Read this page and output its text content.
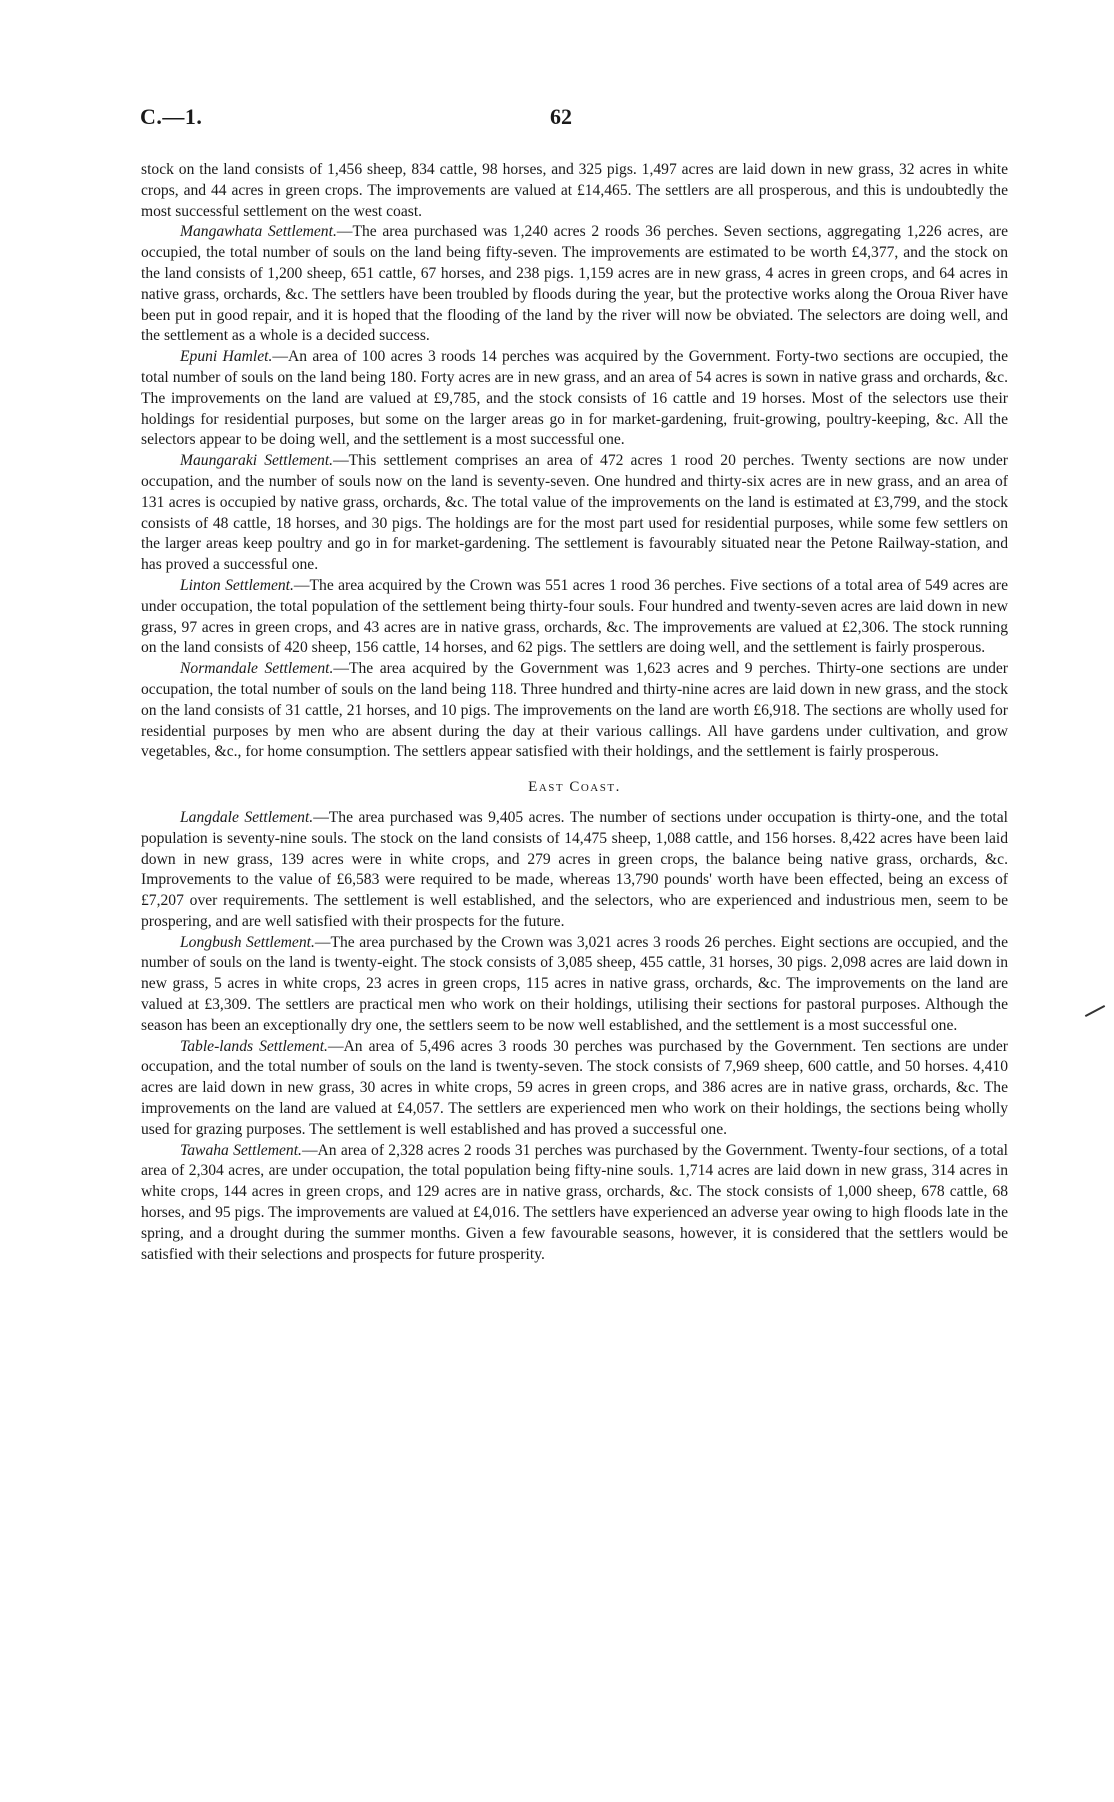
C.—1.	62

stock on the land consists of 1,456 sheep, 834 cattle, 98 horses, and 325 pigs. 1,497 acres are laid down in new grass, 32 acres in white crops, and 44 acres in green crops. The improvements are valued at £14,465. The settlers are all prosperous, and this is undoubtedly the most successful settlement on the west coast.

Mangawhata Settlement.—The area purchased was 1,240 acres 2 roods 36 perches. Seven sections, aggregating 1,226 acres, are occupied, the total number of souls on the land being fifty-seven. The improvements are estimated to be worth £4,377, and the stock on the land consists of 1,200 sheep, 651 cattle, 67 horses, and 238 pigs. 1,159 acres are in new grass, 4 acres in green crops, and 64 acres in native grass, orchards, &c. The settlers have been troubled by floods during the year, but the protective works along the Oroua River have been put in good repair, and it is hoped that the flooding of the land by the river will now be obviated. The selectors are doing well, and the settlement as a whole is a decided success.

Epuni Hamlet.—An area of 100 acres 3 roods 14 perches was acquired by the Government. Forty-two sections are occupied, the total number of souls on the land being 180. Forty acres are in new grass, and an area of 54 acres is sown in native grass and orchards, &c. The improvements on the land are valued at £9,785, and the stock consists of 16 cattle and 19 horses. Most of the selectors use their holdings for residential purposes, but some on the larger areas go in for market-gardening, fruit-growing, poultry-keeping, &c. All the selectors appear to be doing well, and the settlement is a most successful one.

Maungaraki Settlement.—This settlement comprises an area of 472 acres 1 rood 20 perches. Twenty sections are now under occupation, and the number of souls now on the land is seventy-seven. One hundred and thirty-six acres are in new grass, and an area of 131 acres is occupied by native grass, orchards, &c. The total value of the improvements on the land is estimated at £3,799, and the stock consists of 48 cattle, 18 horses, and 30 pigs. The holdings are for the most part used for residential purposes, while some few settlers on the larger areas keep poultry and go in for market-gardening. The settlement is favourably situated near the Petone Railway-station, and has proved a successful one.

Linton Settlement.—The area acquired by the Crown was 551 acres 1 rood 36 perches. Five sections of a total area of 549 acres are under occupation, the total population of the settlement being thirty-four souls. Four hundred and twenty-seven acres are laid down in new grass, 97 acres in green crops, and 43 acres are in native grass, orchards, &c. The improvements are valued at £2,306. The stock running on the land consists of 420 sheep, 156 cattle, 14 horses, and 62 pigs. The settlers are doing well, and the settlement is fairly prosperous.

Normandale Settlement.—The area acquired by the Government was 1,623 acres and 9 perches. Thirty-one sections are under occupation, the total number of souls on the land being 118. Three hundred and thirty-nine acres are laid down in new grass, and the stock on the land consists of 31 cattle, 21 horses, and 10 pigs. The improvements on the land are worth £6,918. The sections are wholly used for residential purposes by men who are absent during the day at their various callings. All have gardens under cultivation, and grow vegetables, &c., for home consumption. The settlers appear satisfied with their holdings, and the settlement is fairly prosperous.

East Coast.

Langdale Settlement.—The area purchased was 9,405 acres. The number of sections under occupation is thirty-one, and the total population is seventy-nine souls. The stock on the land consists of 14,475 sheep, 1,088 cattle, and 156 horses. 8,422 acres have been laid down in new grass, 139 acres were in white crops, and 279 acres in green crops, the balance being native grass, orchards, &c. Improvements to the value of £6,583 were required to be made, whereas 13,790 pounds' worth have been effected, being an excess of £7,207 over requirements. The settlement is well established, and the selectors, who are experienced and industrious men, seem to be prospering, and are well satisfied with their prospects for the future.

Longbush Settlement.—The area purchased by the Crown was 3,021 acres 3 roods 26 perches. Eight sections are occupied, and the number of souls on the land is twenty-eight. The stock consists of 3,085 sheep, 455 cattle, 31 horses, 30 pigs. 2,098 acres are laid down in new grass, 5 acres in white crops, 23 acres in green crops, 115 acres in native grass, orchards, &c. The improvements on the land are valued at £3,309. The settlers are practical men who work on their holdings, utilising their sections for pastoral purposes. Although the season has been an exceptionally dry one, the settlers seem to be now well established, and the settlement is a most successful one.

Table-lands Settlement.—An area of 5,496 acres 3 roods 30 perches was purchased by the Government. Ten sections are under occupation, and the total number of souls on the land is twenty-seven. The stock consists of 7,969 sheep, 600 cattle, and 50 horses. 4,410 acres are laid down in new grass, 30 acres in white crops, 59 acres in green crops, and 386 acres are in native grass, orchards, &c. The improvements on the land are valued at £4,057. The settlers are experienced men who work on their holdings, the sections being wholly used for grazing purposes. The settlement is well established and has proved a successful one.

Tawaha Settlement.—An area of 2,328 acres 2 roods 31 perches was purchased by the Government. Twenty-four sections, of a total area of 2,304 acres, are under occupation, the total population being fifty-nine souls. 1,714 acres are laid down in new grass, 314 acres in white crops, 144 acres in green crops, and 129 acres are in native grass, orchards, &c. The stock consists of 1,000 sheep, 678 cattle, 68 horses, and 95 pigs. The improvements are valued at £4,016. The settlers have experienced an adverse year owing to high floods late in the spring, and a drought during the summer months. Given a few favourable seasons, however, it is considered that the settlers would be satisfied with their selections and prospects for future prosperity.
